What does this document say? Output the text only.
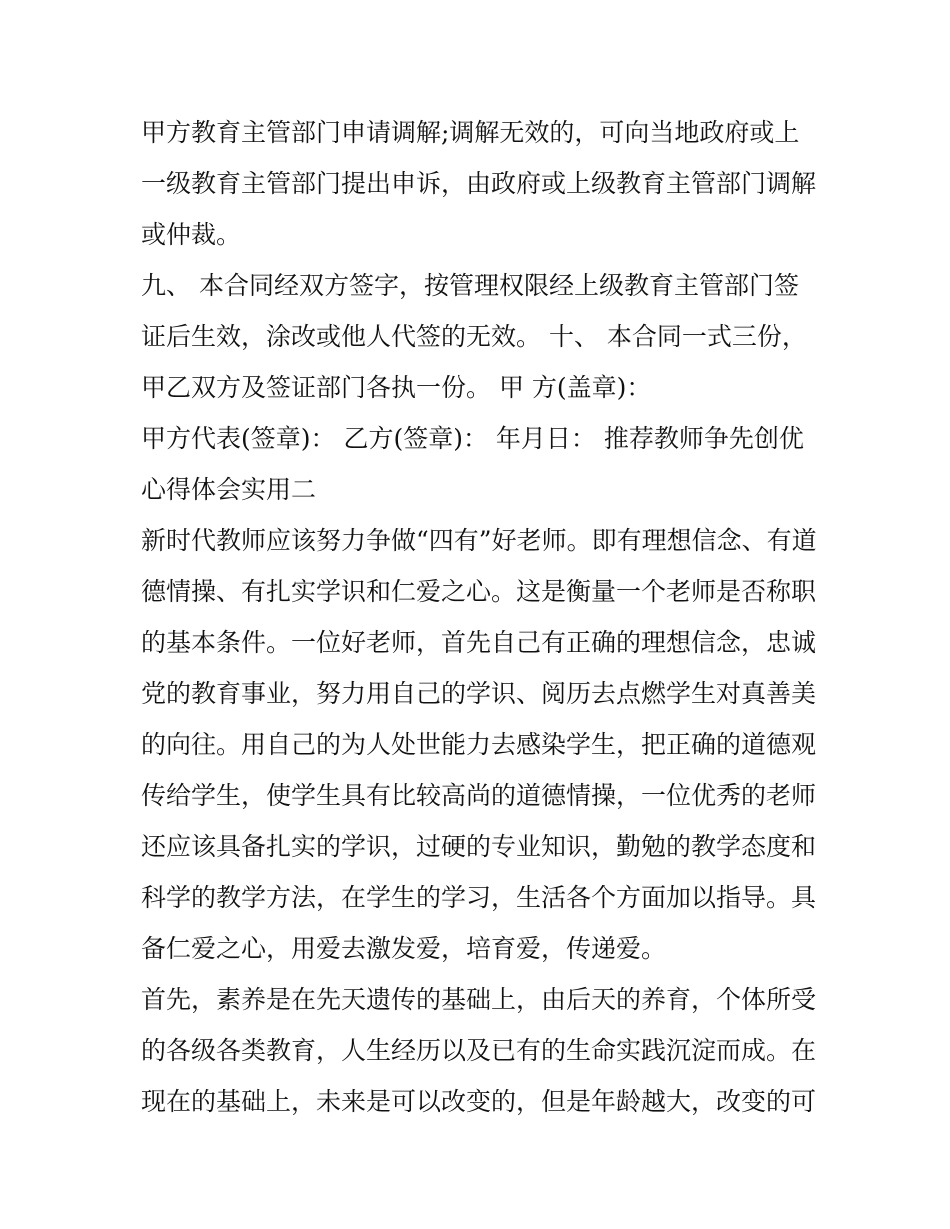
甲方教育主管部门申请调解;调解无效的，可向当地政府或上
一级教育主管部门提出申诉，由政府或上级教育主管部门调解
或仲裁。
九、 本合同经双方签字，按管理权限经上级教育主管部门签
证后生效，涂改或他人代签的无效。 十、 本合同一式三份，
甲乙双方及签证部门各执一份。 甲 方(盖章)：
甲方代表(签章)： 乙方(签章)： 年月日： 推荐教师争先创优
心得体会实用二
新时代教师应该努力争做“四有”好老师。即有理想信念、有道
德情操、有扎实学识和仁爱之心。这是衡量一个老师是否称职
的基本条件。一位好老师，首先自己有正确的理想信念，忠诚
党的教育事业，努力用自己的学识、阅历去点燃学生对真善美
的向往。用自己的为人处世能力去感染学生，把正确的道德观
传给学生，使学生具有比较高尚的道德情操，一位优秀的老师
还应该具备扎实的学识，过硬的专业知识，勤勉的教学态度和
科学的教学方法，在学生的学习，生活各个方面加以指导。具
备仁爱之心，用爱去激发爱，培育爱，传递爱。
首先，素养是在先天遗传的基础上，由后天的养育，个体所受
的各级各类教育，人生经历以及已有的生命实践沉淀而成。在
现在的基础上，未来是可以改变的，但是年龄越大，改变的可
